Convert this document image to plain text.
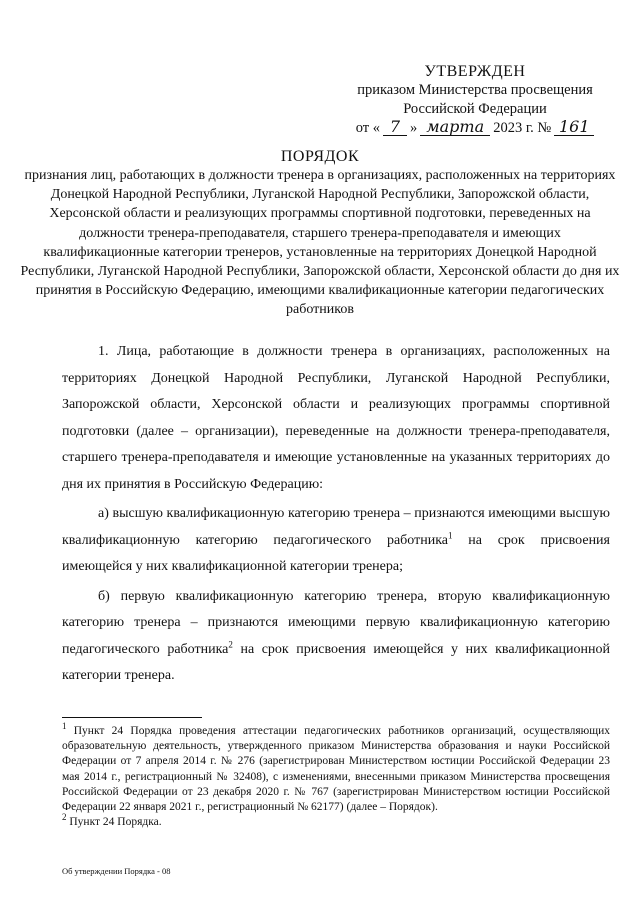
УТВЕРЖДЕН
приказом Министерства просвещения
Российской Федерации
от « 7 » марта 2023 г. № 161
ПОРЯДОК

признания лиц, работающих в должности тренера в организациях, расположенных на территориях Донецкой Народной Республики, Луганской Народной Республики, Запорожской области, Херсонской области и реализующих программы спортивной подготовки, переведенных на должности тренера-преподавателя, старшего тренера-преподавателя и имеющих квалификационные категории тренеров, установленные на территориях Донецкой Народной Республики, Луганской Народной Республики, Запорожской области, Херсонской области до дня их принятия в Российскую Федерацию, имеющими квалификационные категории педагогических работников

1. Лица, работающие в должности тренера в организациях, расположенных на территориях Донецкой Народной Республики, Луганской Народной Республики, Запорожской области, Херсонской области и реализующих программы спортивной подготовки (далее – организации), переведенные на должности тренера-преподавателя, старшего тренера-преподавателя и имеющие установленные на указанных территориях до дня их принятия в Российскую Федерацию:

а) высшую квалификационную категорию тренера – признаются имеющими высшую квалификационную категорию педагогического работника$^1$ на срок присвоения имеющейся у них квалификационной категории тренера;

б) первую квалификационную категорию тренера, вторую квалификационную категорию тренера – признаются имеющими первую квалификационную категорию педагогического работника$^2$ на срок присвоения имеющейся у них квалификационной категории тренера.

$^1$ Пункт 24 Порядка проведения аттестации педагогических работников организаций, осуществляющих образовательную деятельность, утвержденного приказом Министерства образования и науки Российской Федерации от 7 апреля 2014 г. № 276 (зарегистрирован Министерством юстиции Российской Федерации 23 мая 2014 г., регистрационный № 32408), с изменениями, внесенными приказом Министерства просвещения Российской Федерации от 23 декабря 2020 г. № 767 (зарегистрирован Министерством юстиции Российской Федерации 22 января 2021 г., регистрационный № 62177) (далее – Порядок).

$^2$ Пункт 24 Порядка.

Об утверждении Порядка - 08
